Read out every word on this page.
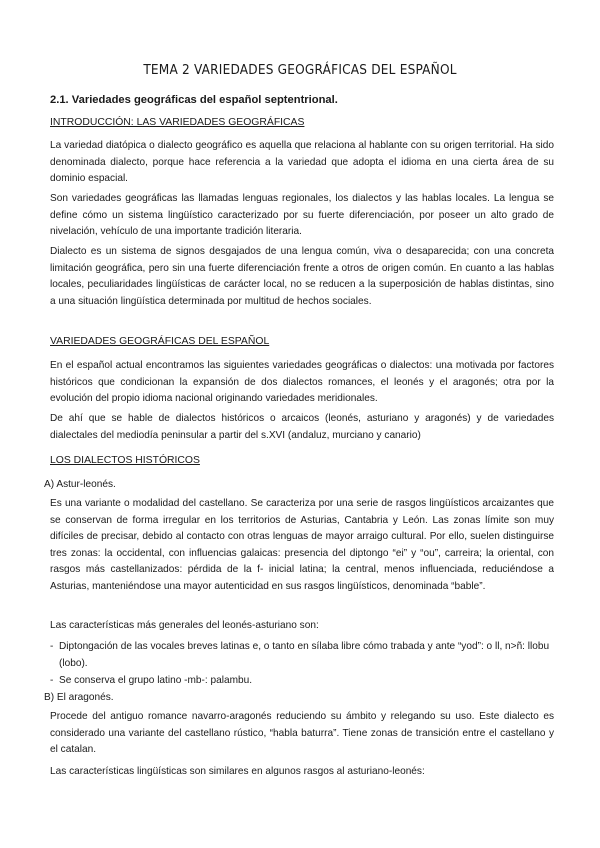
TEMA 2 VARIEDADES GEOGRÁFICAS DEL ESPAÑOL
2.1. Variedades geográficas del español septentrional.
INTRODUCCIÓN: LAS VARIEDADES GEOGRÁFICAS
La variedad diatópica o dialecto geográfico es aquella que relaciona al hablante con su origen territorial. Ha sido denominada dialecto, porque hace referencia a la variedad que adopta el idioma en una cierta área de su dominio espacial.
Son variedades geográficas las llamadas lenguas regionales, los dialectos y las hablas locales. La lengua se define cómo un sistema lingüístico caracterizado por su fuerte diferenciación, por poseer un alto grado de nivelación, vehículo de una importante tradición literaria.
Dialecto es un sistema de signos desgajados de una lengua común, viva o desaparecida; con una concreta limitación geográfica, pero sin una fuerte diferenciación frente a otros de origen común. En cuanto a las hablas locales, peculiaridades lingüísticas de carácter local, no se reducen a la superposición de hablas distintas, sino a una situación lingüística determinada por multitud de hechos sociales.
VARIEDADES GEOGRÁFICAS DEL ESPAÑOL
En el español actual encontramos las siguientes variedades geográficas o dialectos: una motivada por factores históricos que condicionan la expansión de dos dialectos romances, el leonés y el aragonés; otra por la evolución del propio idioma nacional originando variedades meridionales.
De ahí que se hable de dialectos históricos o arcaicos (leonés, asturiano y aragonés) y de variedades dialectales del mediodía peninsular a partir del s.XVI (andaluz, murciano y canario)
LOS DIALECTOS HISTÓRICOS
A) Astur-leonés.
Es una variante o modalidad del castellano. Se caracteriza por una serie de rasgos lingüísticos arcaizantes que se conservan de forma irregular en los territorios de Asturias, Cantabria y León. Las zonas límite son muy difíciles de precisar, debido al contacto con otras lenguas de mayor arraigo cultural. Por ello, suelen distinguirse tres zonas: la occidental, con influencias galaicas: presencia del diptongo “ei” y “ou”, carreira; la oriental, con rasgos más castellanizados: pérdida de la f- inicial latina; la central, menos influenciada, reduciéndose a Asturias, manteniéndose una mayor autenticidad en sus rasgos lingüísticos, denominada “bable”.
Las características más generales del leonés-asturiano son:
- Diptongación de las vocales breves latinas e, o tanto en sílaba libre cómo trabada y ante “yod”: o ll, n>ñ: llobu (lobo).
- Se conserva el grupo latino -mb-: palambu.
B) El aragonés.
Procede del antiguo romance navarro-aragonés reduciendo su ámbito y relegando su uso. Este dialecto es considerado una variante del castellano rústico, “habla baturra”. Tiene zonas de transición entre el castellano y el catalan.
Las características lingüísticas son similares en algunos rasgos al asturiano-leonés:
